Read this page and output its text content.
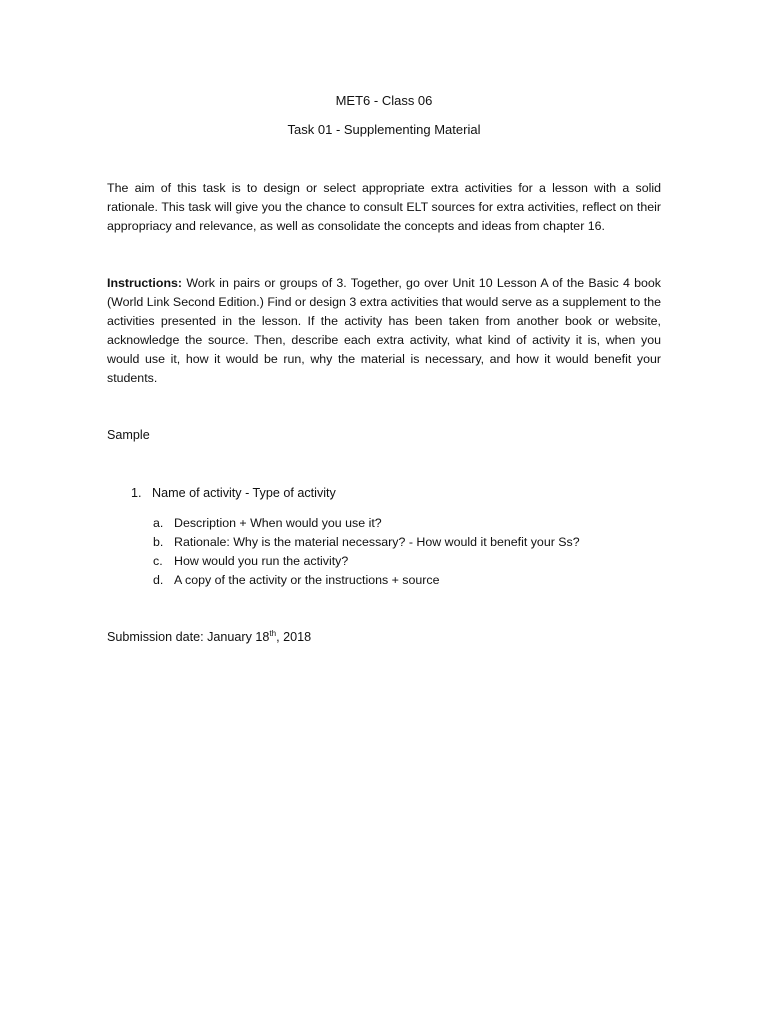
MET6 - Class 06
Task 01 - Supplementing Material

The aim of this task is to design or select appropriate extra activities for a lesson with a solid rationale. This task will give you the chance to consult ELT sources for extra activities, reflect on their appropriacy and relevance, as well as consolidate the concepts and ideas from chapter 16.

Instructions: Work in pairs or groups of 3. Together, go over Unit 10 Lesson A of the Basic 4 book (World Link Second Edition.) Find or design 3 extra activities that would serve as a supplement to the activities presented in the lesson. If the activity has been taken from another book or website, acknowledge the source. Then, describe each extra activity, what kind of activity it is, when you would use it, how it would be run, why the material is necessary, and how it would benefit your students.

Sample
1. Name of activity - Type of activity
a. Description + When would you use it?
b. Rationale: Why is the material necessary? - How would it benefit your Ss?
c. How would you run the activity?
d. A copy of the activity or the instructions + source
Submission date: January 18th, 2018
